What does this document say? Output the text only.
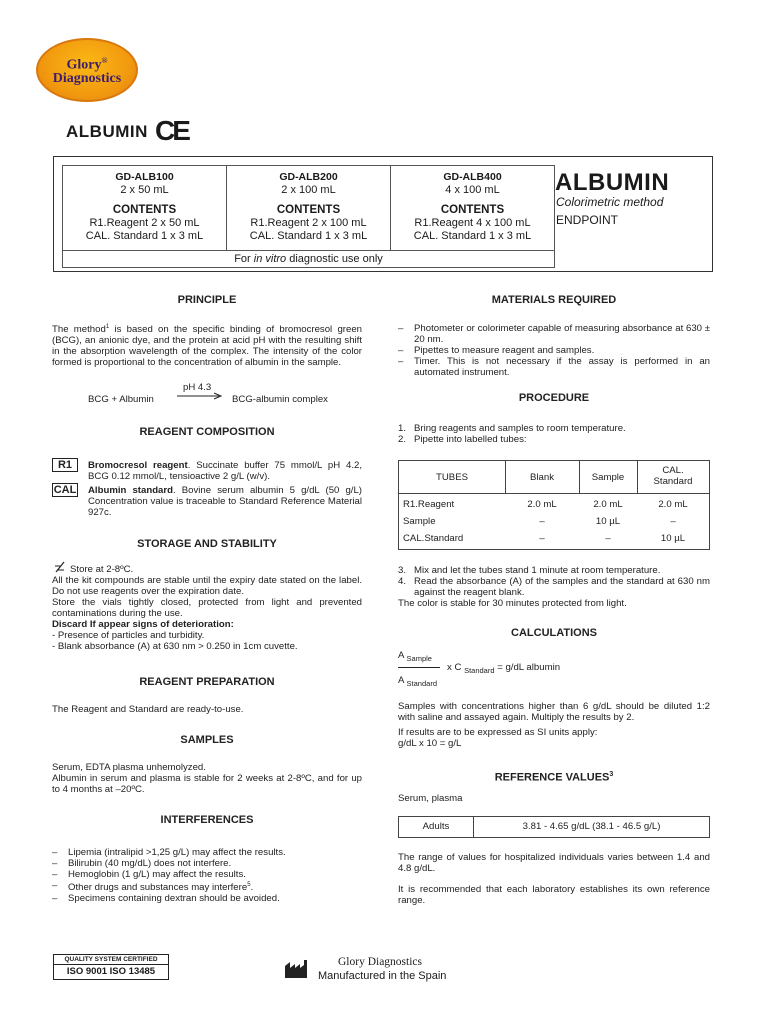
Glory®
Diagnostics
ALBUMIN CE
GD-ALB100
2 x 50 mL
CONTENTS
R1.Reagent 2 x 50 mL
CAL. Standard 1 x 3 mL
GD-ALB200
2 x 100 mL
CONTENTS
R1.Reagent 2 x 100 mL
CAL. Standard 1 x 3 mL
GD-ALB400
4 x 100 mL
CONTENTS
R1.Reagent 4 x 100 mL
CAL. Standard 1 x 3 mL
For in vitro diagnostic use only
ALBUMIN
Colorimetric method
ENDPOINT
PRINCIPLE
The method$^1$ is based on the specific binding of bromocresol green (BCG), an anionic dye, and the protein at acid pH with the resulting shift in the absorption wavelength of the complex. The intensity of the color formed is proportional to the concentration of albumin in the sample.
pH 4.3
BCG + Albumin	BCG-albumin complex
REAGENT COMPOSITION
R1	Bromocresol reagent. Succinate buffer 75 mmol/L pH 4.2, BCG 0.12 mmol/L, tensioactive 2 g/L (w/v).
CAL Albumin standard. Bovine serum albumin 5 g/dL (50 g/L) Concentration value is traceable to Standard Reference Material 927c.
STORAGE AND STABILITY
Store at 2-8ºC.
All the kit compounds are stable until the expiry date stated on the label. Do not use reagents over the expiration date.
Store the vials tightly closed, protected from light and prevented contaminations during the use.
Discard If appear signs of deterioration:
- Presence of particles and turbidity.
- Blank absorbance (A) at 630 nm > 0.250 in 1cm cuvette.
REAGENT PREPARATION
The Reagent and Standard are ready-to-use.
SAMPLES
Serum, EDTA plasma unhemolyzed.
Albumin in serum and plasma is stable for 2 weeks at 2-8ºC, and for up to 4 months at –20ºC.
INTERFERENCES
– Lipemia (intralipid >1,25 g/L) may affect the results.
– Bilirubin (40 mg/dL) does not interfere.
– Hemoglobin (1 g/L) may affect the results.
– Other drugs and substances may interfere$^5$.
– Specimens containing dextran should be avoided.
MATERIALS REQUIRED
– Photometer or colorimeter capable of measuring absorbance at 630 ± 20 nm.
– Pipettes to measure reagent and samples.
– Timer. This is not necessary if the assay is performed in an automated instrument.
PROCEDURE
1. Bring reagents and samples to room temperature.
2. Pipette into labelled tubes:
TUBES	Blank	Sample
CAL.
Standard
R1.Reagent	2.0 mL	2.0 mL	2.0 mL
Sample	–	10 µL	–
CAL.Standard	–	–	10 µL
3. Mix and let the tubes stand 1 minute at room temperature.
4. Read the absorbance (A) of the samples and the standard at 630 nm against the reagent blank.
The color is stable for 30 minutes protected from light.
CALCULATIONS
A $_{Sample}$
A $_{Standard}$
x C $_{Standard}$ = g/dL albumin
Samples with concentrations higher than 6 g/dL should be diluted 1:2 with saline and assayed again. Multiply the results by 2.
If results are to be expressed as SI units apply:
g/dL x 10 = g/L
REFERENCE VALUES$^3$
Serum, plasma
Adults	3.81 - 4.65 g/dL (38.1 - 46.5 g/L)
The range of values for hospitalized individuals varies between 1.4 and 4.8 g/dL.
It is recommended that each laboratory establishes its own reference range.
QUALITY SYSTEM CERTIFIED
ISO 9001 ISO 13485
Glory Diagnostics
Manufactured in the Spain
